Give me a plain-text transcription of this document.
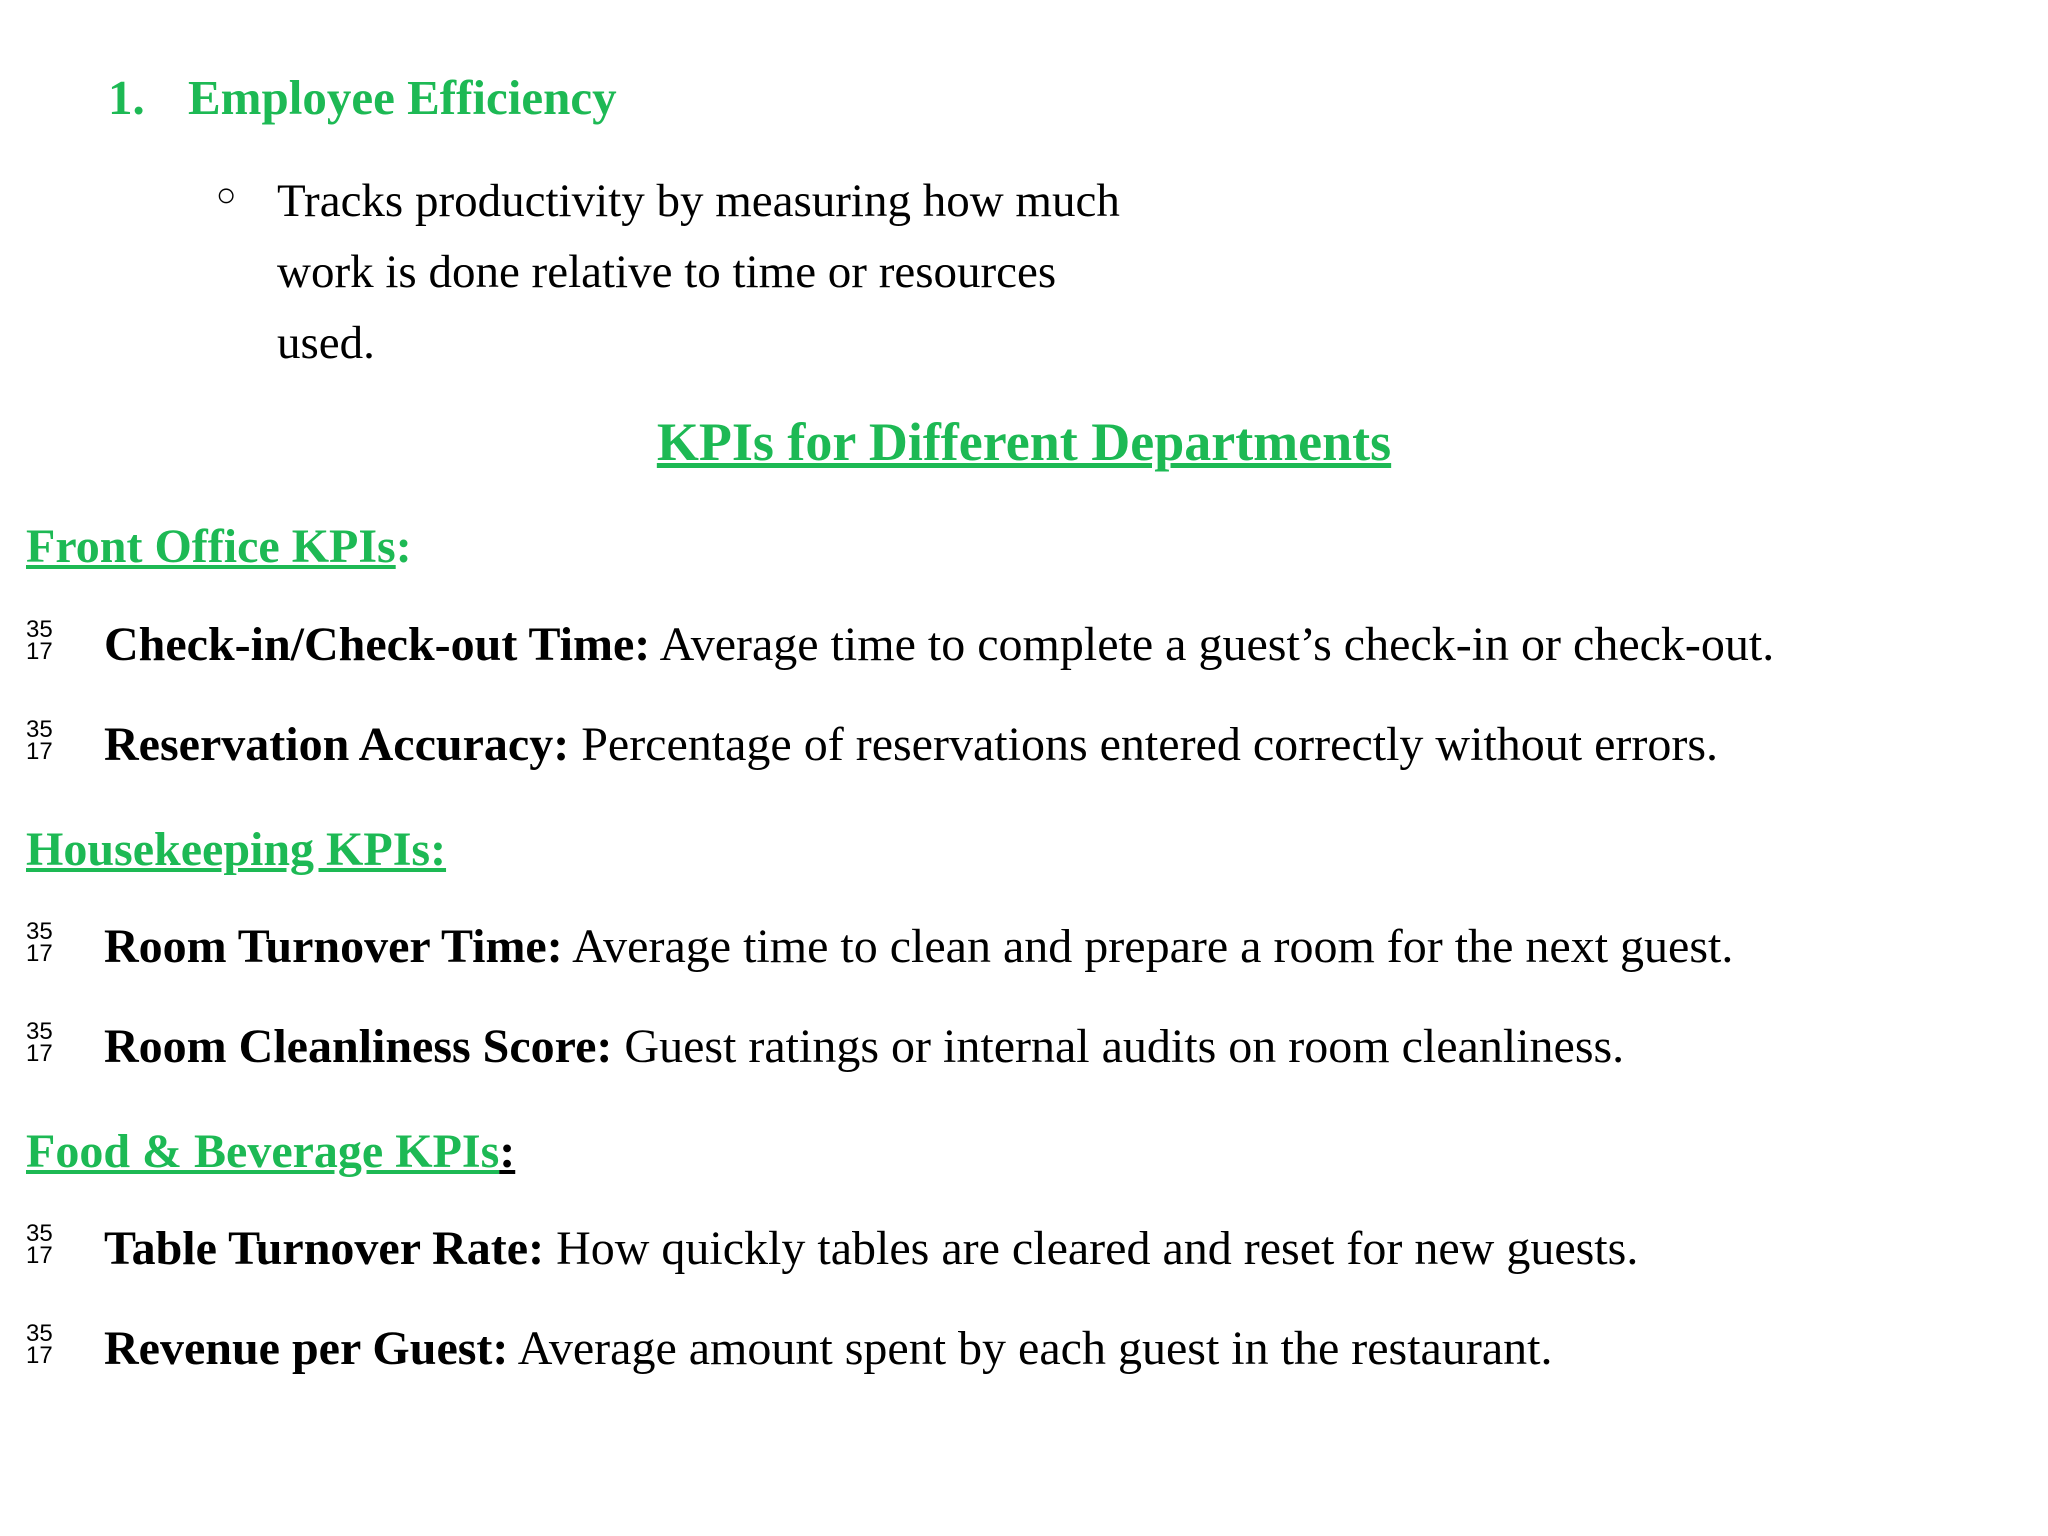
1. Employee Efficiency
○ Tracks productivity by measuring how much work is done relative to time or resources used.
KPIs for Different Departments
Front Office KPIs:
35
17 Check-in/Check-out Time: Average time to complete a guest’s check-in or check-out.
35
17 Reservation Accuracy: Percentage of reservations entered correctly without errors.
Housekeeping KPIs:
35
17 Room Turnover Time: Average time to clean and prepare a room for the next guest.
35
17 Room Cleanliness Score: Guest ratings or internal audits on room cleanliness.
Food & Beverage KPIs:
35
17 Table Turnover Rate: How quickly tables are cleared and reset for new guests.
35
17 Revenue per Guest: Average amount spent by each guest in the restaurant.
